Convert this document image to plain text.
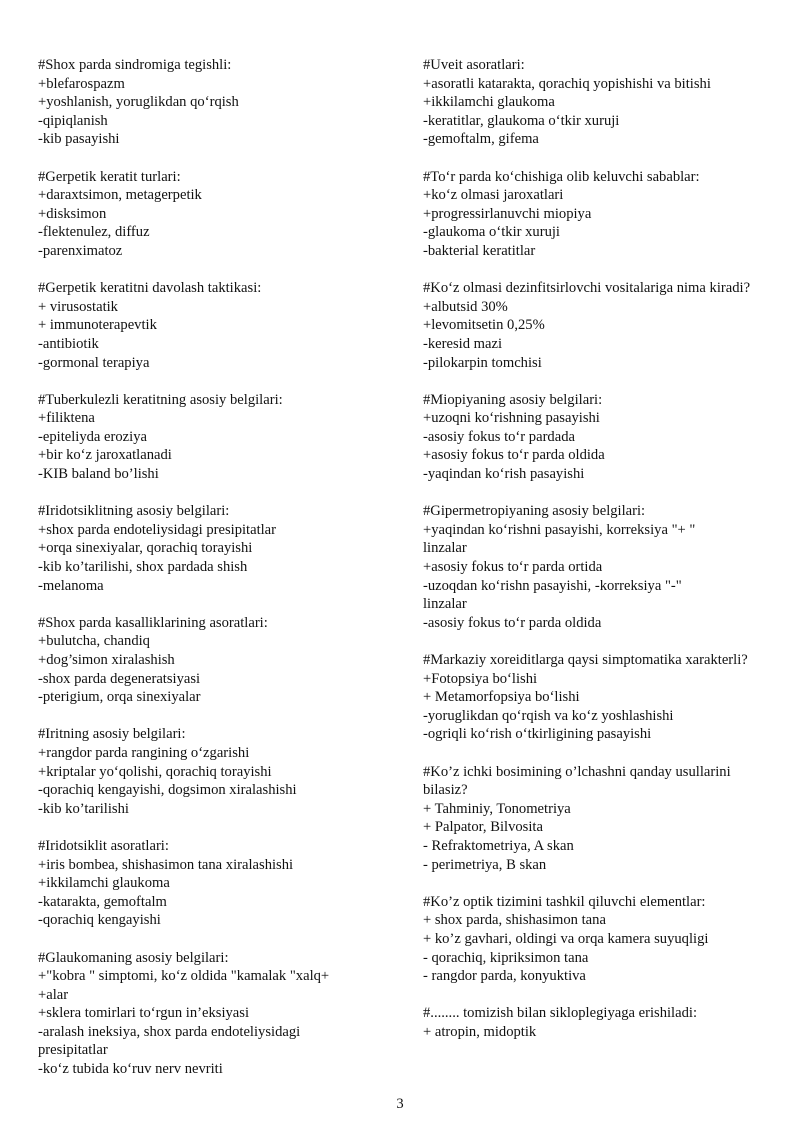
#Shox parda sindromiga tegishli:
+blefarospazm
+yoshlanish, yoruglikdan qoʻrqish
-qipiqlanish
-kib pasayishi
#Gerpetik keratit turlari:
+daraxtsimon, metagerpetik
+disksimon
-flektenulez, diffuz
-parenximatoz
#Gerpetik keratitni davolash taktikasi:
+ virusostatik
+ immunoterapevtik
-antibiotik
-gormonal terapiya
#Tuberkulezli keratitning asosiy belgilari:
+filiktena
-epiteliyda eroziya
+bir koʻz jaroxatlanadi
-KIB baland bo’lishi
#Iridotsiklitning asosiy belgilari:
+shox parda endoteliysidagi presipitatlar
+orqa sinexiyalar, qorachiq torayishi
-kib ko’tarilishi, shox pardada shish
-melanoma
#Shox parda kasalliklarining asoratlari:
+bulutcha, chandiq
+dog’simon xiralashish
-shox parda degeneratsiyasi
-pterigium, orqa sinexiyalar
#Iritning asosiy belgilari:
+rangdor parda rangining oʻzgarishi
+kriptalar yoʻqolishi, qorachiq torayishi
-qorachiq kengayishi, dogsimon xiralashishi
-kib ko’tarilishi
#Iridotsiklit asoratlari:
+iris bombea, shishasimon tana xiralashishi
+ikkilamchi glaukoma
-katarakta, gemoftalm
-qorachiq kengayishi
#Glaukomaning asosiy belgilari:
+"kobra " simptomi, koʻz oldida "kamalak "xalq+
+alar
+sklera tomirlari toʻrgun in’eksiyasi
-aralash ineksiya, shox parda endoteliysidagi
presipitatlar
-koʻz tubida koʻruv nerv nevriti
#Uveit asoratlari:
+asoratli katarakta, qorachiq yopishishi va bitishi
+ikkilamchi glaukoma
-keratitlar, glaukoma oʻtkir xuruji
-gemoftalm, gifema
#Toʻr parda koʻchishiga olib keluvchi sabablar:
+koʻz olmasi jaroxatlari
+progressirlanuvchi miopiya
-glaukoma oʻtkir xuruji
-bakterial keratitlar
#Koʻz olmasi dezinfitsirlovchi vositalariga nima kiradi?
+albutsid 30%
+levomitsetin 0,25%
-keresid mazi
-pilokarpin tomchisi
#Miopiyaning asosiy belgilari:
+uzoqni koʻrishning pasayishi
-asosiy fokus toʻr pardada
+asosiy fokus toʻr parda oldida
-yaqindan koʻrish pasayishi
#Gipermetropiyaning asosiy belgilari:
+yaqindan koʻrishni pasayishi, korreksiya "+ "
linzalar
+asosiy fokus toʻr parda ortida
-uzoqdan koʻrishn pasayishi, -korreksiya "-"
linzalar
-asosiy fokus toʻr parda oldida
#Markaziy xoreiditlarga qaysi simptomatika xarakterli?
+Fotopsiya boʻlishi
+ Metamorfopsiya boʻlishi
-yoruglikdan qoʻrqish va koʻz yoshlashishi
-ogriqli koʻrish oʻtkirligining pasayishi
#Ko’z ichki bosimining o’lchashni qanday usullarini bilasiz?
+ Tahminiy, Tonometriya
+ Palpator, Bilvosita
- Refraktometriya, A skan
- perimetriya, B skan
#Ko’z optik tizimini tashkil qiluvchi elementlar:
+ shox parda, shishasimon tana
+ ko’z gavhari, oldingi va orqa kamera suyuqligi
- qorachiq, kipriksimon tana
- rangdor parda, konyuktiva
#........ tomizish bilan sikloplegiyaga erishiladi:
+ atropin, midoptik
3
